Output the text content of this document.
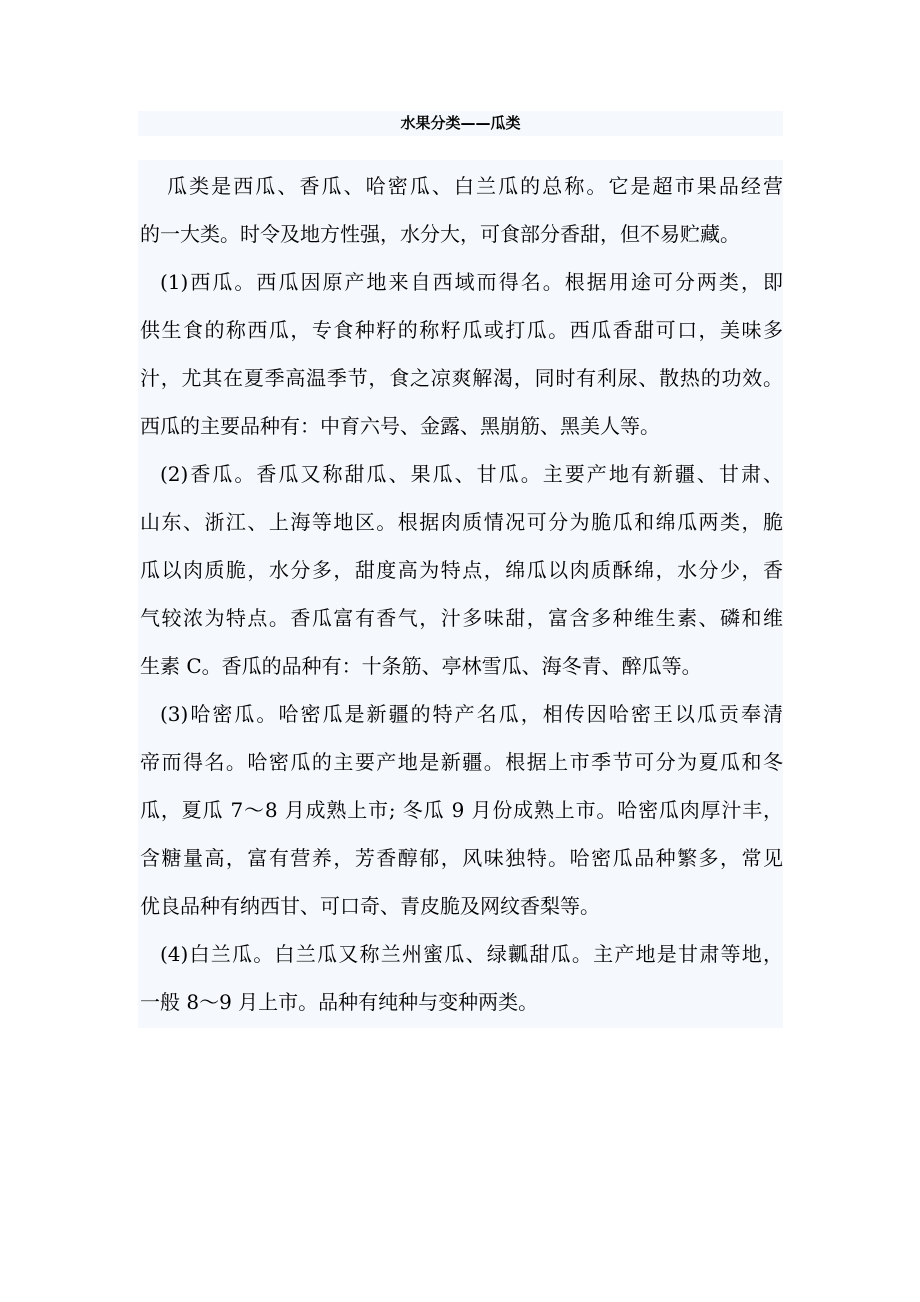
水果分类——瓜类
瓜类是西瓜、香瓜、哈密瓜、白兰瓜的总称。它是超市果品经营
的一大类。时令及地方性强，水分大，可食部分香甜，但不易贮藏。
(1)西瓜。西瓜因原产地来自西域而得名。根据用途可分两类，即
供生食的称西瓜，专食种籽的称籽瓜或打瓜。西瓜香甜可口，美味多
汁，尤其在夏季高温季节，食之凉爽解渴，同时有利尿、散热的功效。
西瓜的主要品种有：中育六号、金露、黑崩筋、黑美人等。
(2)香瓜。香瓜又称甜瓜、果瓜、甘瓜。主要产地有新疆、甘肃、
山东、浙江、上海等地区。根据肉质情况可分为脆瓜和绵瓜两类，脆
瓜以肉质脆，水分多，甜度高为特点，绵瓜以肉质酥绵，水分少，香
气较浓为特点。香瓜富有香气，汁多味甜，富含多种维生素、磷和维
生素 C。香瓜的品种有：十条筋、亭林雪瓜、海冬青、醉瓜等。
(3)哈密瓜。哈密瓜是新疆的特产名瓜，相传因哈密王以瓜贡奉清
帝而得名。哈密瓜的主要产地是新疆。根据上市季节可分为夏瓜和冬
瓜，夏瓜 7～8 月成熟上市; 冬瓜 9 月份成熟上市。哈密瓜肉厚汁丰，
含糖量高，富有营养，芳香醇郁，风味独特。哈密瓜品种繁多，常见
优良品种有纳西甘、可口奇、青皮脆及网纹香梨等。
(4)白兰瓜。白兰瓜又称兰州蜜瓜、绿瓤甜瓜。主产地是甘肃等地，
一般 8～9 月上市。品种有纯种与变种两类。
